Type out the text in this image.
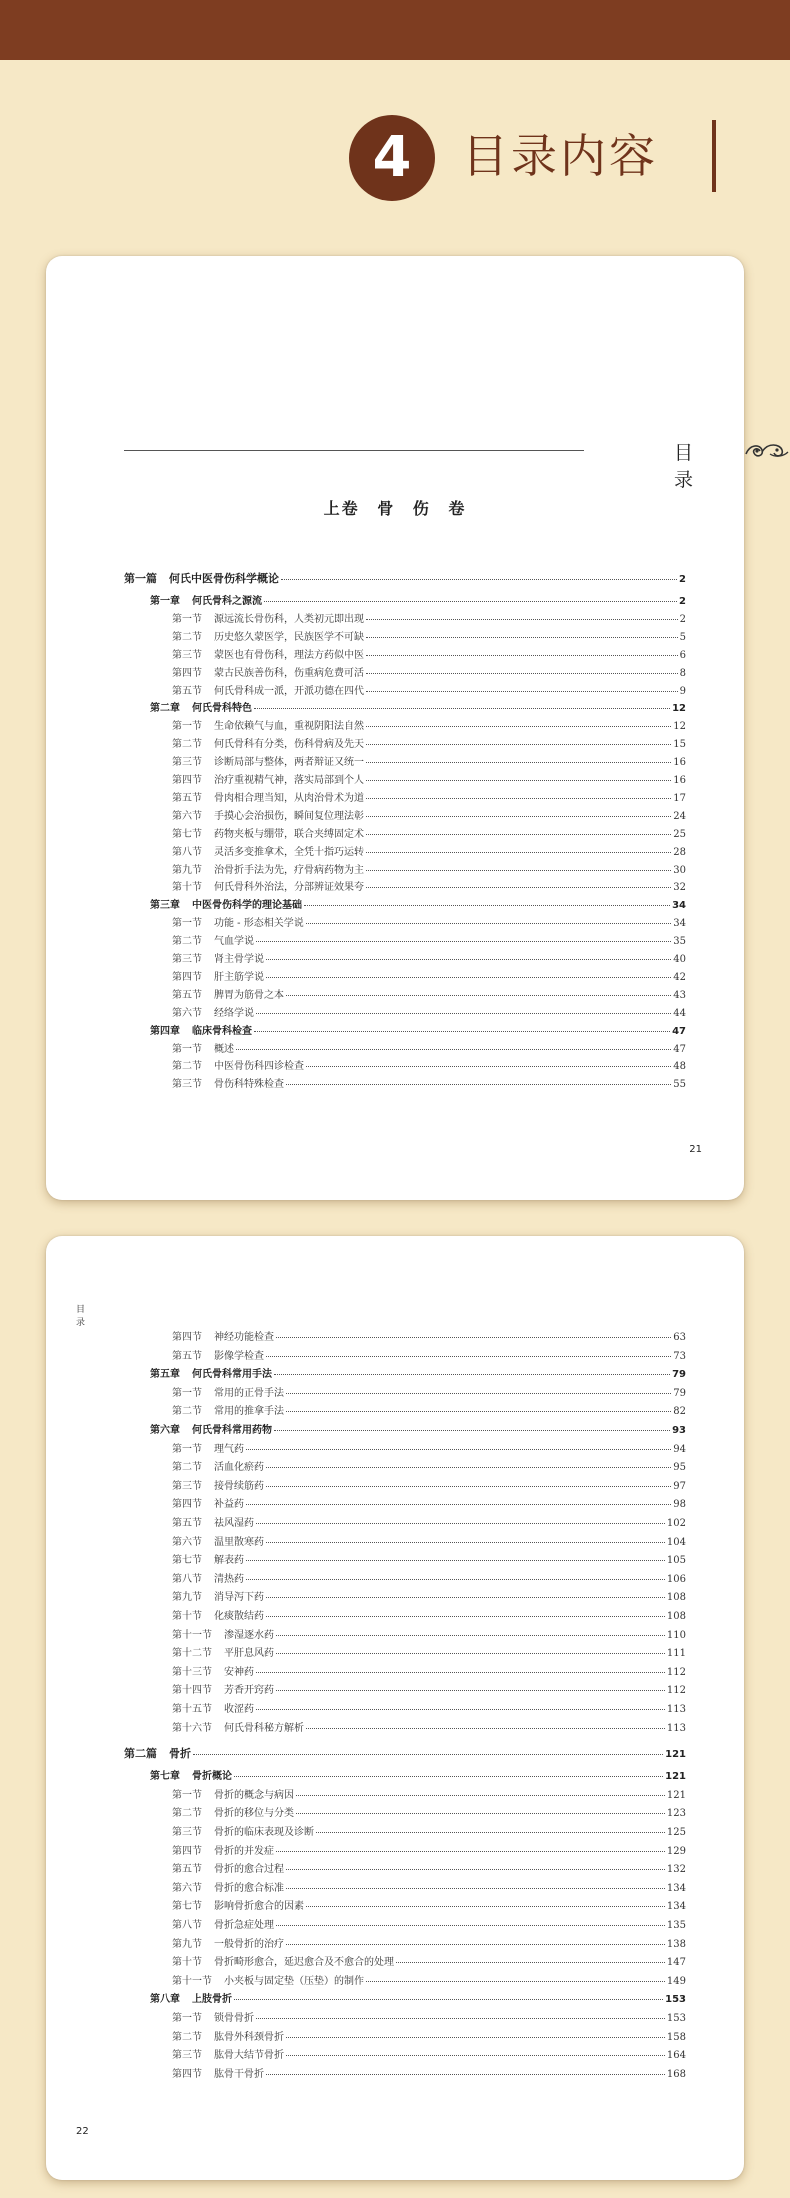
4	目录内容
目 录
上卷 骨 伤 卷
第一篇 何氏中医骨伤科学概论	2
第一章 何氏骨科之源流	2
第一节 源远流长骨伤科，人类初元即出现	2
第二节 历史悠久蒙医学，民族医学不可缺	5
第三节 蒙医也有骨伤科，理法方药似中医	6
第四节 蒙古民族善伤科，伤重病危费可活	8
第五节 何氏骨科成一派，开派功德在四代	9
第二章 何氏骨科特色	12
第一节 生命依赖气与血，重视阴阳法自然	12
第二节 何氏骨科有分类，伤科骨病及先天	15
第三节 诊断局部与整体，两者辩证又统一	16
第四节 治疗重视精气神，落实局部到个人	16
第五节 骨肉相合理当知，从肉治骨术为道	17
第六节 手摸心会治损伤，瞬间复位理法彰	24
第七节 药物夹板与绷带，联合夹缚固定术	25
第八节 灵活多变推拿术，全凭十指巧运转	28
第九节 治骨折手法为先，疗骨病药物为主	30
第十节 何氏骨科外治法，分部辨证效果夸	32
第三章 中医骨伤科学的理论基础	34
第一节 功能 - 形态相关学说	34
第二节 气血学说	35
第三节 肾主骨学说	40
第四节 肝主筋学说	42
第五节 脾胃为筋骨之本	43
第六节 经络学说	44
第四章 临床骨科检查	47
第一节 概述	47
第二节 中医骨伤科四诊检查	48
第三节 骨伤科特殊检查	55
21
目录
第四节 神经功能检查	63
第五节 影像学检查	73
第五章 何氏骨科常用手法	79
第一节 常用的正骨手法	79
第二节 常用的推拿手法	82
第六章 何氏骨科常用药物	93
第一节 理气药	94
第二节 活血化瘀药	95
第三节 接骨续筋药	97
第四节 补益药	98
第五节 祛风湿药	102
第六节 温里散寒药	104
第七节 解表药	105
第八节 清热药	106
第九节 消导泻下药	108
第十节 化痰散结药	108
第十一节 渗湿逐水药	110
第十二节 平肝息风药	111
第十三节 安神药	112
第十四节 芳香开窍药	112
第十五节 收涩药	113
第十六节 何氏骨科秘方解析	113
第二篇 骨折	121
第七章 骨折概论	121
第一节 骨折的概念与病因	121
第二节 骨折的移位与分类	123
第三节 骨折的临床表现及诊断	125
第四节 骨折的并发症	129
第五节 骨折的愈合过程	132
第六节 骨折的愈合标准	134
第七节 影响骨折愈合的因素	134
第八节 骨折急症处理	135
第九节 一般骨折的治疗	138
第十节 骨折畸形愈合，延迟愈合及不愈合的处理	147
第十一节 小夹板与固定垫（压垫）的制作	149
第八章 上肢骨折	153
第一节 锁骨骨折	153
第二节 肱骨外科颈骨折	158
第三节 肱骨大结节骨折	164
第四节 肱骨干骨折	168
22
